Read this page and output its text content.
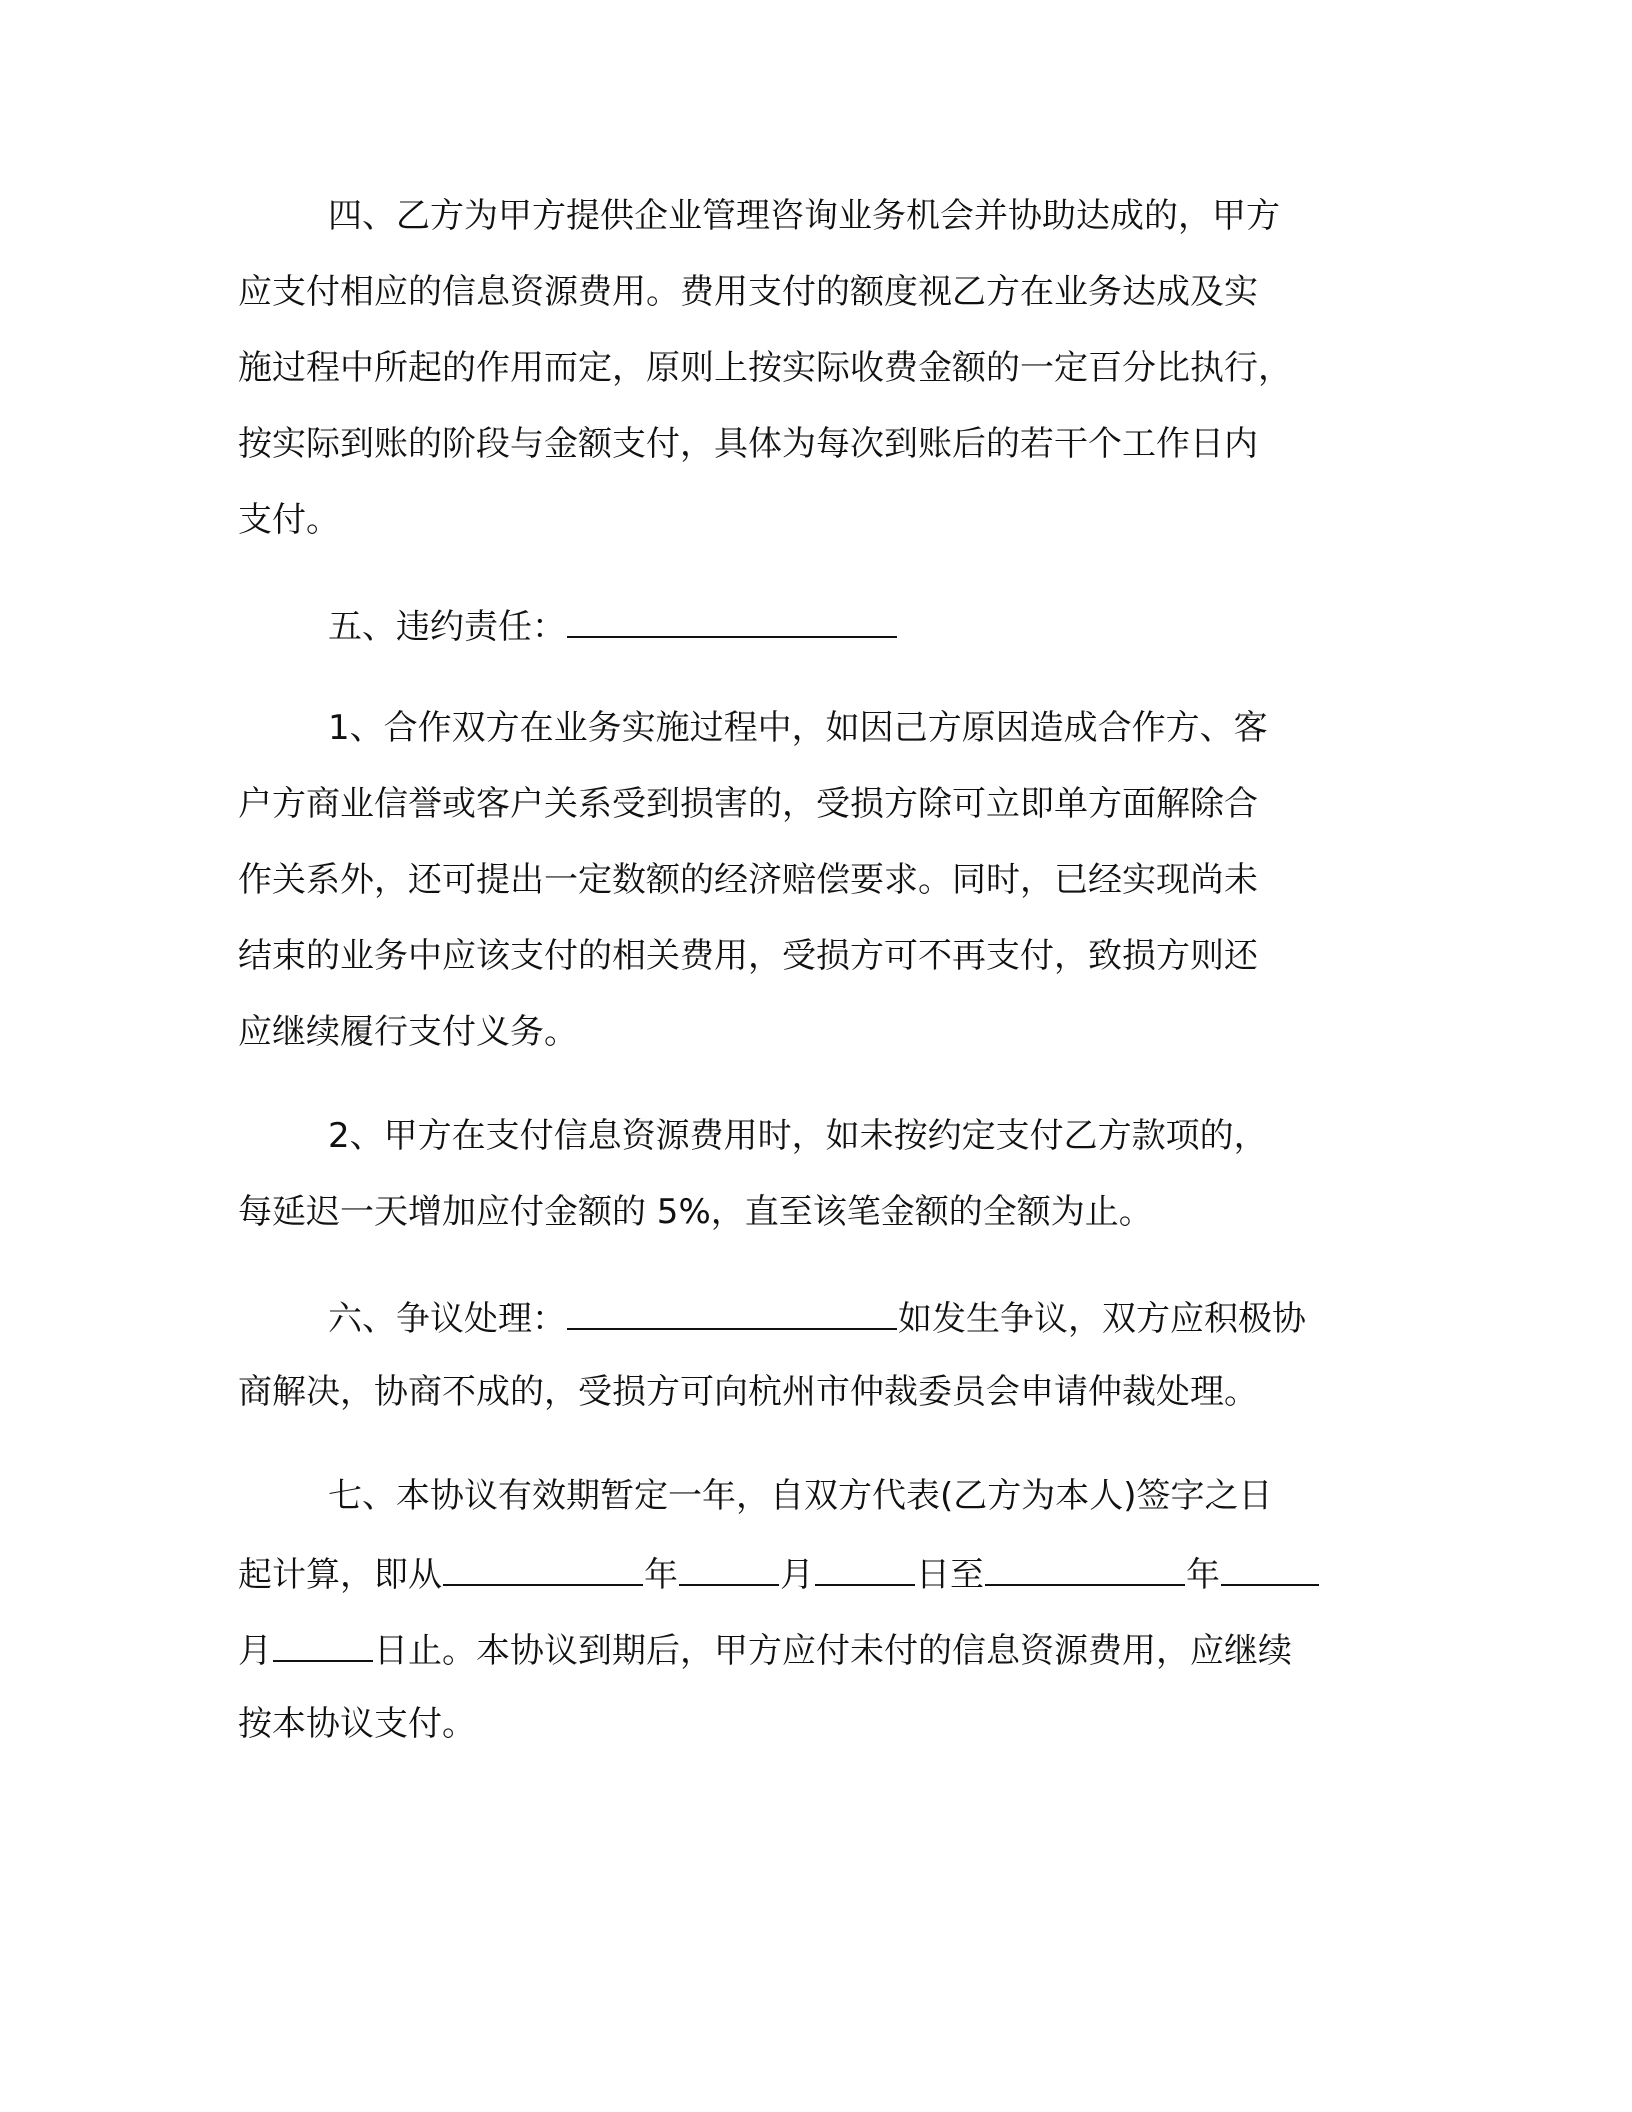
四、乙方为甲方提供企业管理咨询业务机会并协助达成的，甲方

应支付相应的信息资源费用。费用支付的额度视乙方在业务达成及实

施过程中所起的作用而定，原则上按实际收费金额的一定百分比执行，

按实际到账的阶段与金额支付，具体为每次到账后的若干个工作日内

支付。

五、违约责任：

1、合作双方在业务实施过程中，如因己方原因造成合作方、客

户方商业信誉或客户关系受到损害的，受损方除可立即单方面解除合

作关系外，还可提出一定数额的经济赔偿要求。同时，已经实现尚未

结束的业务中应该支付的相关费用，受损方可不再支付，致损方则还

应继续履行支付义务。

2、甲方在支付信息资源费用时，如未按约定支付乙方款项的，

每延迟一天增加应付金额的 5%，直至该笔金额的全额为止。

六、争议处理：	如发生争议，双方应积极协

商解决，协商不成的，受损方可向杭州市仲裁委员会申请仲裁处理。

七、本协议有效期暂定一年，自双方代表(乙方为本人)签字之日

起计算，即从	年	月	日至	年

月	日止。本协议到期后，甲方应付未付的信息资源费用，应继续

按本协议支付。
